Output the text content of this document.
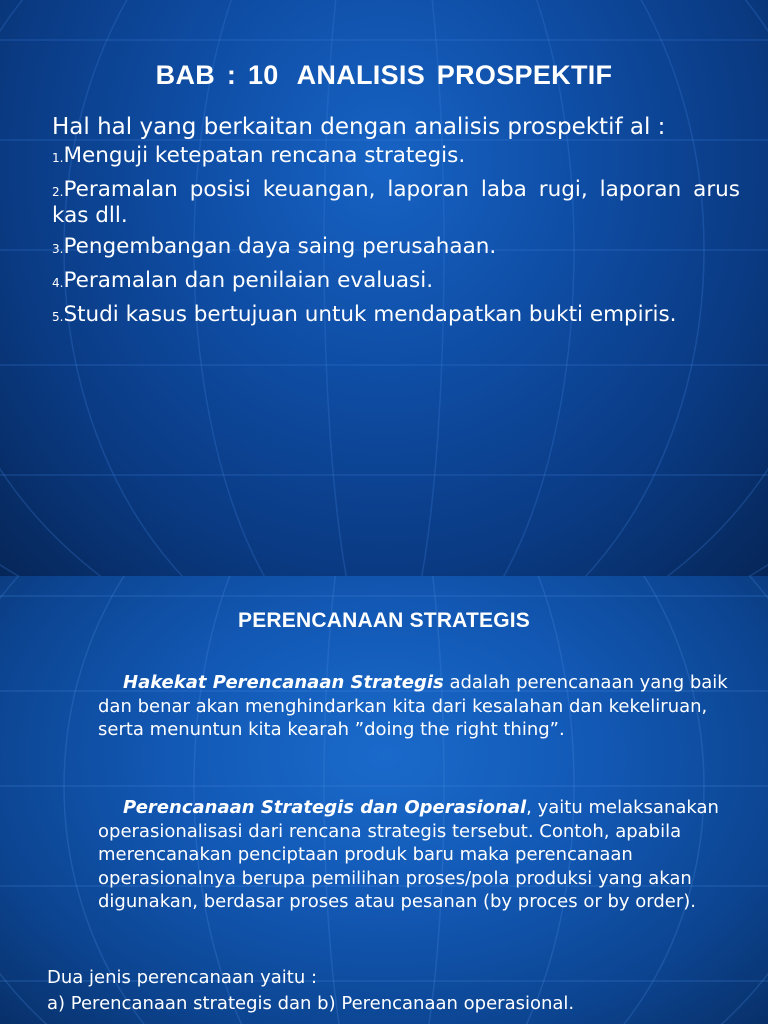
BAB : 10 ANALISIS PROSPEKTIF
Hal hal yang berkaitan dengan analisis prospektif al :
1.Menguji ketepatan rencana strategis.
2.Peramalan posisi keuangan, laporan laba rugi, laporan arus kas dll.
3.Pengembangan daya saing perusahaan.
4.Peramalan dan penilaian evaluasi.
5.Studi kasus bertujuan untuk mendapatkan bukti empiris.
PERENCANAAN STRATEGIS
Hakekat Perencanaan Strategis adalah perencanaan yang baik dan benar akan menghindarkan kita dari kesalahan dan kekeliruan, serta menuntun kita kearah ”doing the right thing”.
Perencanaan Strategis dan Operasional, yaitu melaksanakan operasionalisasi dari rencana strategis tersebut. Contoh, apabila merencanakan penciptaan produk baru maka perencanaan operasionalnya berupa pemilihan proses/pola produksi yang akan digunakan, berdasar proses atau pesanan (by proces or by order).
Dua jenis perencanaan yaitu :
a) Perencanaan strategis dan b) Perencanaan operasional.
